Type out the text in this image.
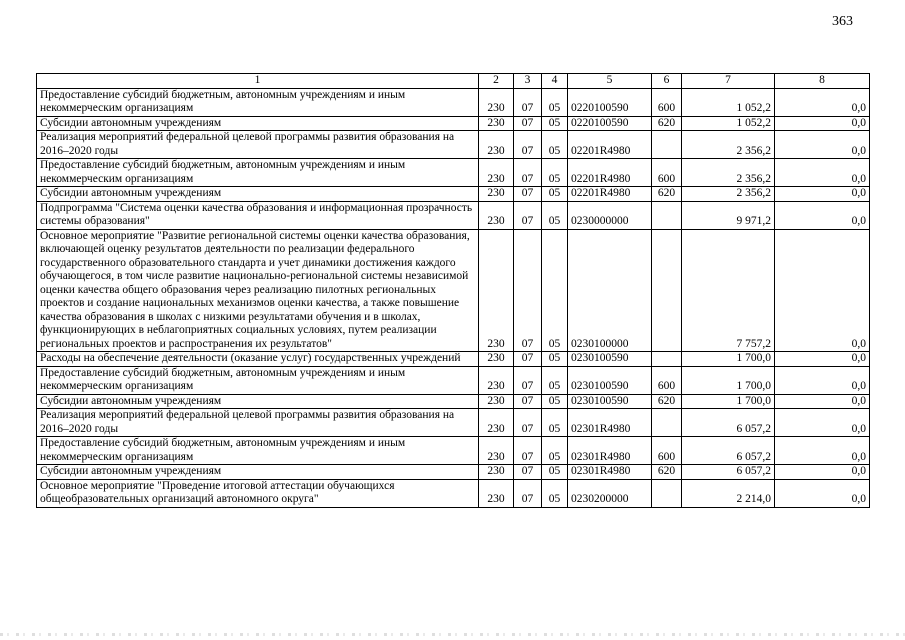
363
1	2	3	4	5	6	7	8
Предоставление субсидий бюджетным, автономным учреждениям и иным некоммерческим организациям	230	07	05	0220100590	600	1 052,2	0,0
Субсидии автономным учреждениям	230	07	05	0220100590	620	1 052,2	0,0
Реализация мероприятий федеральной целевой программы развития образования на 2016–2020 годы	230	07	05	02201R4980		2 356,2	0,0
Предоставление субсидий бюджетным, автономным учреждениям и иным некоммерческим организациям	230	07	05	02201R4980	600	2 356,2	0,0
Субсидии автономным учреждениям	230	07	05	02201R4980	620	2 356,2	0,0
Подпрограмма "Система оценки качества образования и информационная прозрачность системы образования"	230	07	05	0230000000		9 971,2	0,0
Основное мероприятие "Развитие региональной системы оценки качества образования, включающей оценку результатов деятельности по реализации федерального государственного образовательного стандарта и учет динамики достижения каждого обучающегося, в том числе развитие национально-региональной системы независимой оценки качества общего образования через реализацию пилотных региональных проектов и создание национальных механизмов оценки качества, а также повышение качества образования в школах с низкими результатами обучения и в школах, функционирующих в неблагоприятных социальных условиях, путем реализации региональных проектов и распространения их результатов"	230	07	05	0230100000		7 757,2	0,0
Расходы на обеспечение деятельности (оказание услуг) государственных учреждений	230	07	05	0230100590		1 700,0	0,0
Предоставление субсидий бюджетным, автономным учреждениям и иным некоммерческим организациям	230	07	05	0230100590	600	1 700,0	0,0
Субсидии автономным учреждениям	230	07	05	0230100590	620	1 700,0	0,0
Реализация мероприятий федеральной целевой программы развития образования на 2016–2020 годы	230	07	05	02301R4980		6 057,2	0,0
Предоставление субсидий бюджетным, автономным учреждениям и иным некоммерческим организациям	230	07	05	02301R4980	600	6 057,2	0,0
Субсидии автономным учреждениям	230	07	05	02301R4980	620	6 057,2	0,0
Основное мероприятие "Проведение итоговой аттестации обучающихся общеобразовательных организаций автономного округа"	230	07	05	0230200000		2 214,0	0,0
